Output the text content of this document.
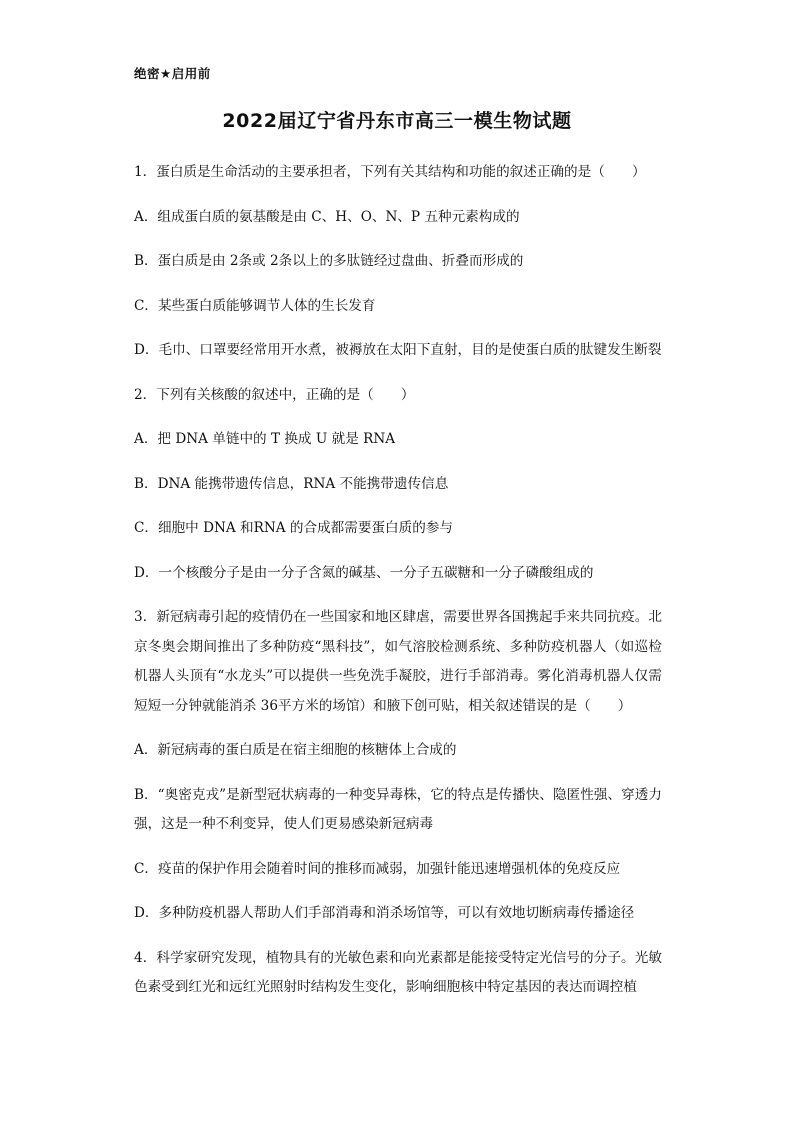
绝密★启用前
2022届辽宁省丹东市高三一模生物试题

1．蛋白质是生命活动的主要承担者，下列有关其结构和功能的叙述正确的是（　　）

A．组成蛋白质的氨基酸是由 C、H、O、N、P 五种元素构成的

B．蛋白质是由 2条或 2条以上的多肽链经过盘曲、折叠而形成的

C．某些蛋白质能够调节人体的生长发育

D．毛巾、口罩要经常用开水煮，被褥放在太阳下直射，目的是使蛋白质的肽键发生断裂

2．下列有关核酸的叙述中，正确的是（　　）

A．把 DNA 单链中的 T 换成 U 就是 RNA

B．DNA 能携带遗传信息，RNA 不能携带遗传信息

C．细胞中 DNA 和RNA 的合成都需要蛋白质的参与

D．一个核酸分子是由一分子含氮的碱基、一分子五碳糖和一分子磷酸组成的

3．新冠病毒引起的疫情仍在一些国家和地区肆虐，需要世界各国携起手来共同抗疫。北京冬奥会期间推出了多种防疫“黑科技”，如气溶胶检测系统、多种防疫机器人（如巡检机器人头顶有“水龙头”可以提供一些免洗手凝胶，进行手部消毒。雾化消毒机器人仅需短短一分钟就能消杀 36平方米的场馆）和腋下创可贴，相关叙述错误的是（　　）

A．新冠病毒的蛋白质是在宿主细胞的核糖体上合成的

B．“奥密克戎”是新型冠状病毒的一种变异毒株，它的特点是传播快、隐匿性强、穿透力强，这是一种不利变异，使人们更易感染新冠病毒

C．疫苗的保护作用会随着时间的推移而减弱，加强针能迅速增强机体的免疫反应

D．多种防疫机器人帮助人们手部消毒和消杀场馆等，可以有效地切断病毒传播途径

4．科学家研究发现，植物具有的光敏色素和向光素都是能接受特定光信号的分子。光敏色素受到红光和远红光照射时结构发生变化，影响细胞核中特定基因的表达而调控植
